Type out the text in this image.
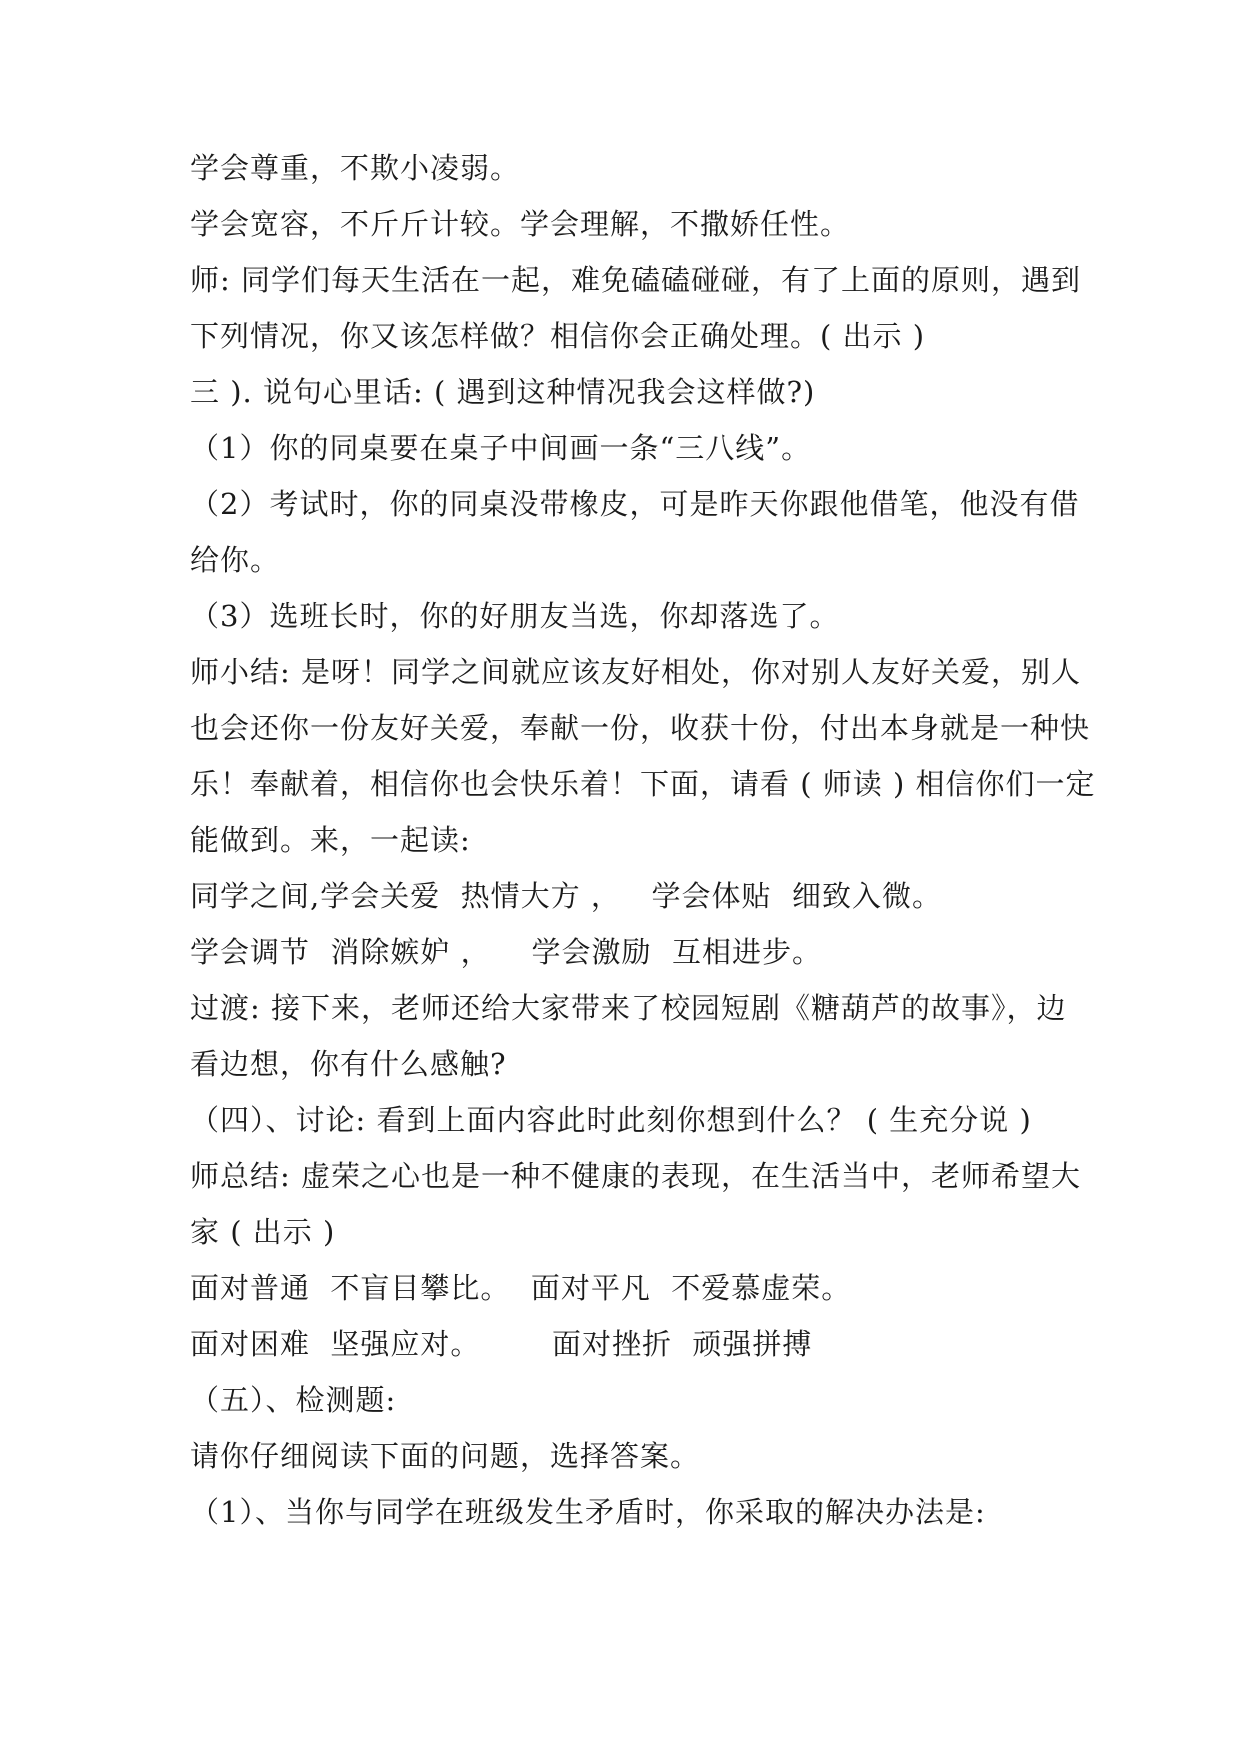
学会尊重，不欺小凌弱。
学会宽容，不斤斤计较。学会理解，不撒娇任性。
师: 同学们每天生活在一起，难免磕磕碰碰，有了上面的原则，遇到
下列情况，你又该怎样做？相信你会正确处理。( 出示 )
三 ). 说句心里话: ( 遇到这种情况我会这样做?)
（1）你的同桌要在桌子中间画一条“三八线”。
（2）考试时，你的同桌没带橡皮，可是昨天你跟他借笔，他没有借
给你。
（3）选班长时，你的好朋友当选，你却落选了。
师小结: 是呀！同学之间就应该友好相处，你对别人友好关爱，别人
也会还你一份友好关爱，奉献一份，收获十份，付出本身就是一种快
乐！奉献着，相信你也会快乐着！下面，请看 ( 师读 ) 相信你们一定
能做到。来，一起读:
同学之间,学会关爱  热情大方 ，   学会体贴  细致入微。
学会调节  消除嫉妒 ，    学会激励  互相进步。
过渡: 接下来，老师还给大家带来了校园短剧《糖葫芦的故事》，边
看边想，你有什么感触?
（四）、讨论: 看到上面内容此时此刻你想到什么？ ( 生充分说 )
师总结: 虚荣之心也是一种不健康的表现，在生活当中，老师希望大
家 ( 出示 )
面对普通  不盲目攀比。  面对平凡  不爱慕虚荣。
面对困难  坚强应对。       面对挫折  顽强拼搏
（五）、检测题:
请你仔细阅读下面的问题，选择答案。
（1）、当你与同学在班级发生矛盾时，你采取的解决办法是:
